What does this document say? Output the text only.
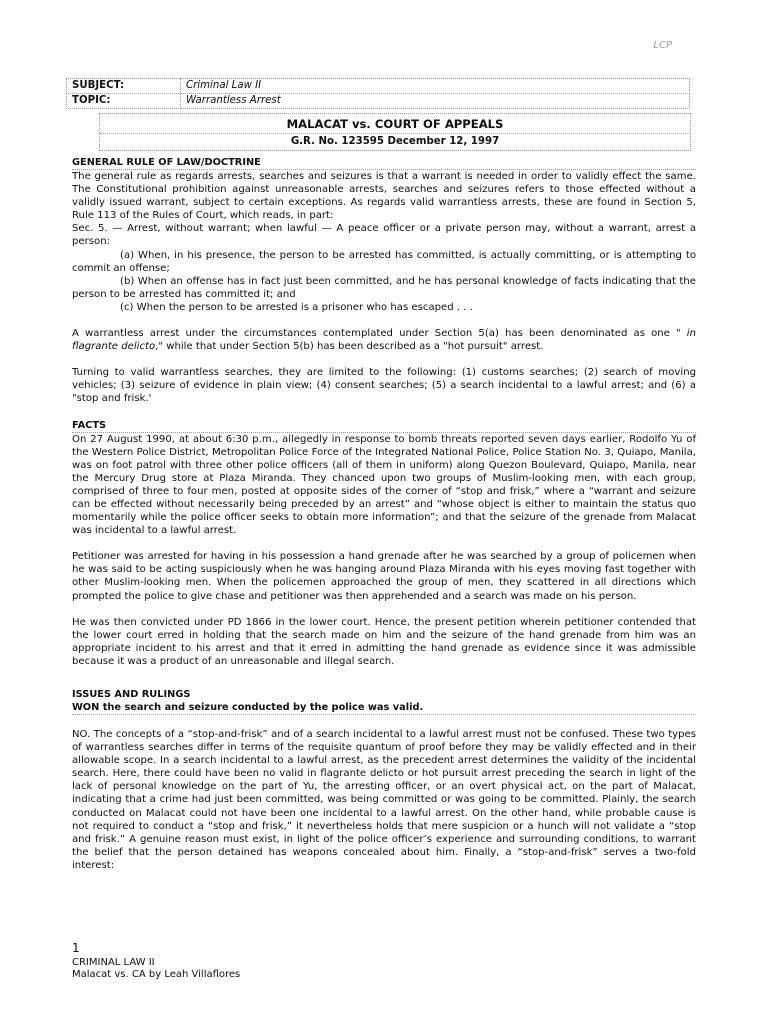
LCP
SUBJECT:	Criminal Law II
TOPIC:	Warrantless Arrest
MALACAT vs. COURT OF APPEALS
G.R. No. 123595 December 12, 1997

GENERAL RULE OF LAW/DOCTRINE

The general rule as regards arrests, searches and seizures is that a warrant is needed in order to validly effect the same. The Constitutional prohibition against unreasonable arrests, searches and seizures refers to those effected without a validly issued warrant, subject to certain exceptions. As regards valid warrantless arrests, these are found in Section 5, Rule 113 of the Rules of Court, which reads, in part:

Sec. 5. — Arrest, without warrant; when lawful — A peace officer or a private person may, without a warrant, arrest a person:

(a) When, in his presence, the person to be arrested has committed, is actually committing, or is attempting to commit an offense;

(b) When an offense has in fact just been committed, and he has personal knowledge of facts indicating that the person to be arrested has committed it; and

(c) When the person to be arrested is a prisoner who has escaped . . .

A warrantless arrest under the circumstances contemplated under Section 5(a) has been denominated as one " in flagrante delicto," while that under Section 5(b) has been described as a "hot pursuit" arrest.

Turning to valid warrantless searches, they are limited to the following: (1) customs searches; (2) search of moving vehicles; (3) seizure of evidence in plain view; (4) consent searches; (5) a search incidental to a lawful arrest; and (6) a "stop and frisk.'

FACTS

On 27 August 1990, at about 6:30 p.m., allegedly in response to bomb threats reported seven days earlier, Rodolfo Yu of the Western Police District, Metropolitan Police Force of the Integrated National Police, Police Station No. 3, Quiapo, Manila, was on foot patrol with three other police officers (all of them in uniform) along Quezon Boulevard, Quiapo, Manila, near the Mercury Drug store at Plaza Miranda. They chanced upon two groups of Muslim-looking men, with each group, comprised of three to four men, posted at opposite sides of the corner of “stop and frisk,” where a “warrant and seizure can be effected without necessarily being preceded by an arrest” and “whose object is either to maintain the status quo momentarily while the police officer seeks to obtain more information”; and that the seizure of the grenade from Malacat was incidental to a lawful arrest.

Petitioner was arrested for having in his possession a hand grenade after he was searched by a group of policemen when he was said to be acting suspiciously when he was hanging around Plaza Miranda with his eyes moving fast together with other Muslim-looking men. When the policemen approached the group of men, they scattered in all directions which prompted the police to give chase and petitioner was then apprehended and a search was made on his person.

He was then convicted under PD 1866 in the lower court. Hence, the present petition wherein petitioner contended that the lower court erred in holding that the search made on him and the seizure of the hand grenade from him was an appropriate incident to his arrest and that it erred in admitting the hand grenade as evidence since it was admissible because it was a product of an unreasonable and illegal search.

ISSUES AND RULINGS

WON the search and seizure conducted by the police was valid.

NO. The concepts of a “stop-and-frisk” and of a search incidental to a lawful arrest must not be confused. These two types of warrantless searches differ in terms of the requisite quantum of proof before they may be validly effected and in their allowable scope. In a search incidental to a lawful arrest, as the precedent arrest determines the validity of the incidental search. Here, there could have been no valid in flagrante delicto or hot pursuit arrest preceding the search in light of the lack of personal knowledge on the part of Yu, the arresting officer, or an overt physical act, on the part of Malacat, indicating that a crime had just been committed, was being committed or was going to be committed. Plainly, the search conducted on Malacat could not have been one incidental to a lawful arrest. On the other hand, while probable cause is not required to conduct a “stop and frisk,” it nevertheless holds that mere suspicion or a hunch will not validate a “stop and frisk.” A genuine reason must exist, in light of the police officer’s experience and surrounding conditions, to warrant the belief that the person detained has weapons concealed about him. Finally, a “stop-and-frisk” serves a two-fold interest:

1
CRIMINAL LAW II
Malacat vs. CA by Leah Villaflores
